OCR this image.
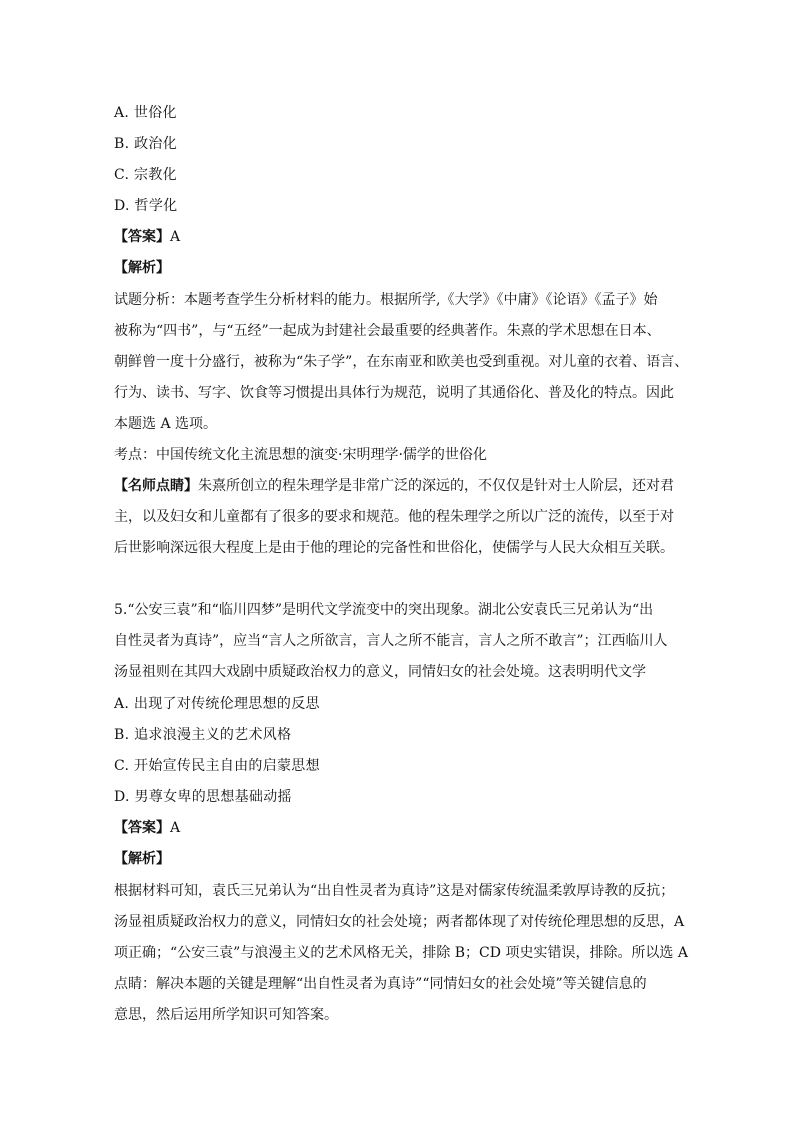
A. 世俗化
B. 政治化
C. 宗教化
D. 哲学化
【答案】A
【解析】
试题分析：本题考查学生分析材料的能力。根据所学,《大学》《中庸》《论语》《孟子》始
被称为“四书”，与“五经”一起成为封建社会最重要的经典著作。朱熹的学术思想在日本、
朝鲜曾一度十分盛行，被称为“朱子学”，在东南亚和欧美也受到重视。对儿童的衣着、语言、
行为、读书、写字、饮食等习惯提出具体行为规范，说明了其通俗化、普及化的特点。因此
本题选 A 选项。
考点：中国传统文化主流思想的演变·宋明理学·儒学的世俗化
【名师点睛】朱熹所创立的程朱理学是非常广泛的深远的，不仅仅是针对士人阶层，还对君
主，以及妇女和儿童都有了很多的要求和规范。他的程朱理学之所以广泛的流传，以至于对
后世影响深远很大程度上是由于他的理论的完备性和世俗化，使儒学与人民大众相互关联。
5.“公安三袁”和“临川四梦”是明代文学流变中的突出现象。湖北公安袁氏三兄弟认为“出
自性灵者为真诗”，应当“言人之所欲言，言人之所不能言，言人之所不敢言”；江西临川人
汤显祖则在其四大戏剧中质疑政治权力的意义，同情妇女的社会处境。这表明明代文学
A. 出现了对传统伦理思想的反思
B. 追求浪漫主义的艺术风格
C. 开始宣传民主自由的启蒙思想
D. 男尊女卑的思想基础动摇
【答案】A
【解析】
根据材料可知，袁氏三兄弟认为“出自性灵者为真诗”这是对儒家传统温柔敦厚诗教的反抗；
汤显祖质疑政治权力的意义，同情妇女的社会处境；两者都体现了对传统伦理思想的反思，A
项正确；“公安三袁”与浪漫主义的艺术风格无关，排除 B；CD 项史实错误，排除。所以选 A
点睛：解决本题的关键是理解“出自性灵者为真诗”“同情妇女的社会处境”等关键信息的
意思，然后运用所学知识可知答案。
